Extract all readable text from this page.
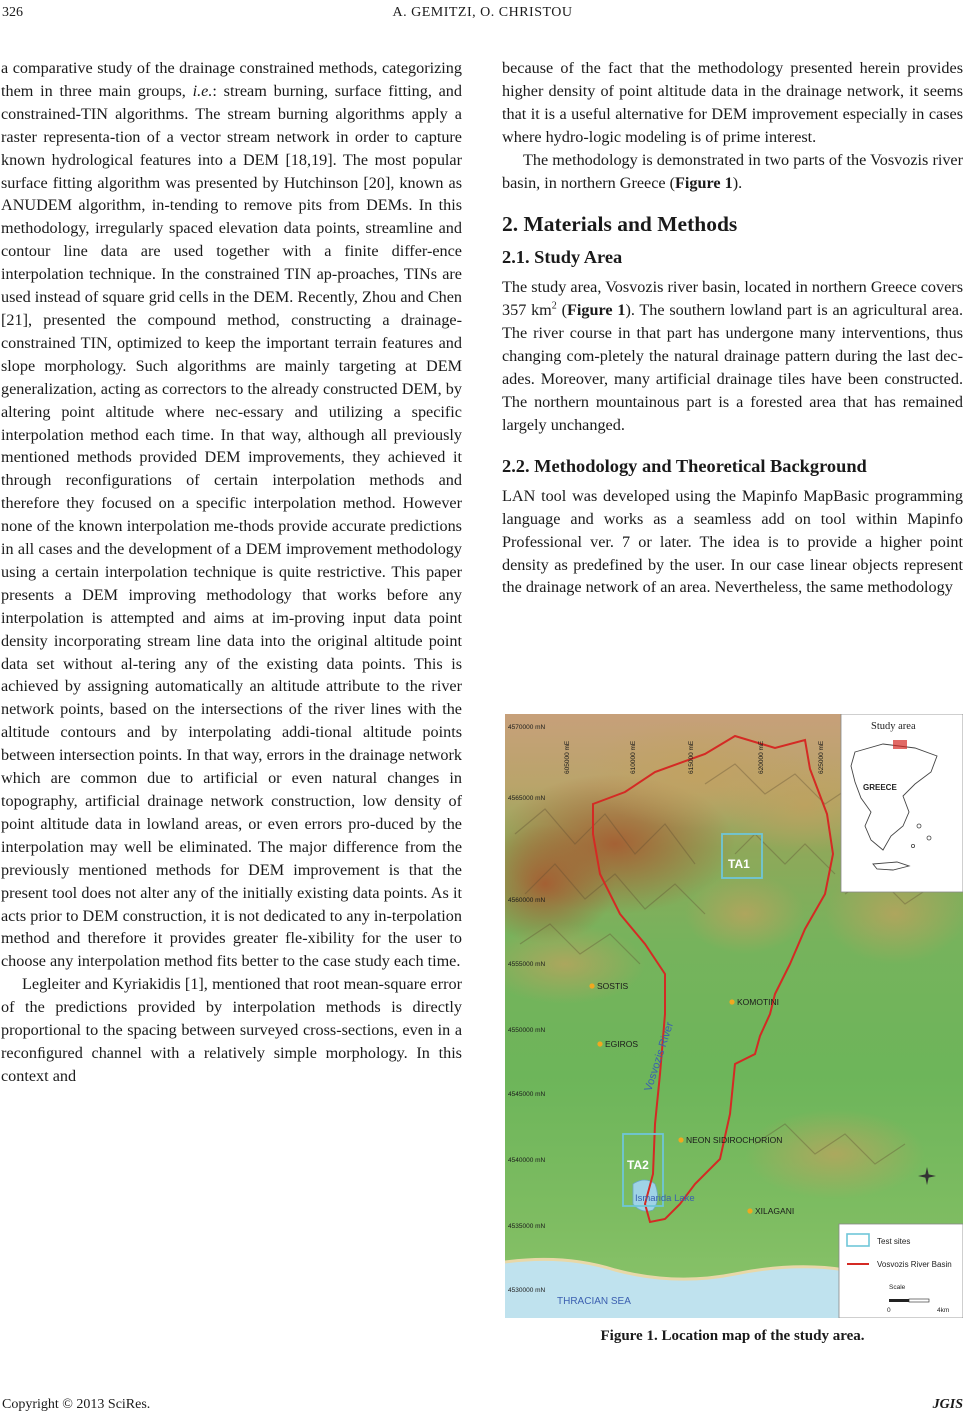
326	A. GEMITZI, O. CHRISTOU

a comparative study of the drainage constrained methods, categorizing them in three main groups, i.e.: stream burning, surface fitting, and constrained-TIN algorithms. The stream burning algorithms apply a raster representa-tion of a vector stream network in order to capture known hydrological features into a DEM [18,19]. The most popular surface fitting algorithm was presented by Hutchinson [20], known as ANUDEM algorithm, in-tending to remove pits from DEMs. In this methodology, irregularly spaced elevation data points, streamline and contour line data are used together with a finite differ-ence interpolation technique. In the constrained TIN ap-proaches, TINs are used instead of square grid cells in the DEM. Recently, Zhou and Chen [21], presented the compound method, constructing a drainage-constrained TIN, optimized to keep the important terrain features and slope morphology. Such algorithms are mainly targeting at DEM generalization, acting as correctors to the already constructed DEM, by altering point altitude where nec-essary and utilizing a specific interpolation method each time. In that way, although all previously mentioned methods provided DEM improvements, they achieved it through reconfigurations of certain interpolation methods and therefore they focused on a specific interpolation method. However none of the known interpolation me-thods provide accurate predictions in all cases and the development of a DEM improvement methodology using a certain interpolation technique is quite restrictive. This paper presents a DEM improving methodology that works before any interpolation is attempted and aims at im-proving input data point density incorporating stream line data into the original altitude point data set without al-tering any of the existing data points. This is achieved by assigning automatically an altitude attribute to the river network points, based on the intersections of the river lines with the altitude contours and by interpolating addi-tional altitude points between intersection points. In that way, errors in the drainage network which are common due to artificial or even natural changes in topography, artificial drainage network construction, low density of point altitude data in lowland areas, or even errors pro-duced by the interpolation may well be eliminated. The major difference from the previously mentioned methods for DEM improvement is that the present tool does not alter any of the initially existing data points. As it acts prior to DEM construction, it is not dedicated to any in-terpolation method and therefore it provides greater fle-xibility for the user to choose any interpolation method fits better to the case study each time.

Legleiter and Kyriakidis [1], mentioned that root mean-square error of the predictions provided by interpolation methods is directly proportional to the spacing between surveyed cross-sections, even in a reconﬁgured channel with a relatively simple morphology. In this context and

because of the fact that the methodology presented herein provides higher density of point altitude data in the drainage network, it seems that it is a useful alternative for DEM improvement especially in cases where hydro-logic modeling is of prime interest.

The methodology is demonstrated in two parts of the Vosvozis river basin, in northern Greece (Figure 1).

2. Materials and Methods

2.1. Study Area

The study area, Vosvozis river basin, located in northern Greece covers 357 $km^2$ (Figure 1). The southern lowland part is an agricultural area. The river course in that part has undergone many interventions, thus changing com-pletely the natural drainage pattern during the last dec-ades. Moreover, many artificial drainage tiles have been constructed. The northern mountainous part is a forested area that has remained largely unchanged.

2.2. Methodology and Theoretical Background

LAN tool was developed using the Mapinfo MapBasic programming language and works as a seamless add on tool within Mapinfo Professional ver. 7 or later. The idea is to provide a higher point density as predefined by the user. In our case linear objects represent the drainage network of an area. Nevertheless, the same methodology

4570000 mN
4565000 mN
4560000 mN
4555000 mN
4550000 mN
4545000 mN
4540000 mN
4535000 mN
4530000 mN
605000 mE	610000 mE	615000 mE	620000 mE	625000 mE
SOSTIS
KOMOTINI
EGIROS
NEON SIDIROCHORION
XILAGANI
TA1
TA2
Vosvozis River
Ismarida Lake
THRACIAN SEA
Study area
GREECE
Test sites
Vosvozis River Basin
Scale
0	4km
Figure 1. Location map of the study area.
Copyright © 2013 SciRes.	JGIS
